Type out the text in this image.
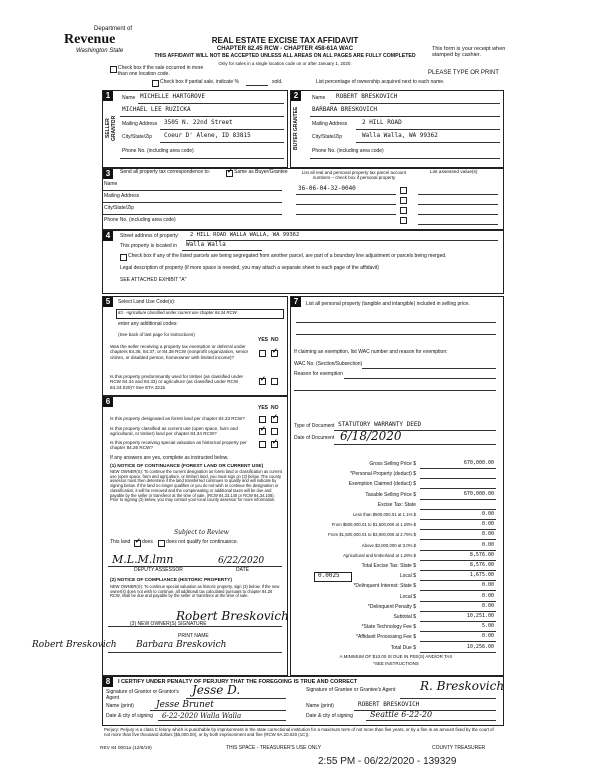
Department of
Revenue
Washington State
REAL ESTATE EXCISE TAX AFFIDAVIT
CHAPTER 82.45 RCW - CHAPTER 458-61A WAC
THIS AFFIDAVIT WILL NOT BE ACCEPTED UNLESS ALL AREAS ON ALL PAGES ARE FULLY COMPLETED
Only for sales in a single location code on or after January 1, 2020.
This form is your receipt when stamped by cashier.
PLEASE TYPE OR PRINT
Check box if the sale occurred in more than one location code.
Check box if partial sale, indicate %	sold.	List percentage of ownership acquired next to each name.
1
SELLER GRANTOR
Name MICHELLE HARTGROVE
MICHAEL LEE RUZICKA
Mailing Address 3505 N. 22nd Street
City/State/Zip Coeur D' Alene, ID 83815
Phone No. (including area code)
2
BUYER GRANTEE
Name ROBERT BRESKOVICH
BARBARA BRESKOVICH
Mailing Address 2 HILL ROAD
City/State/Zip	Walla Walla, WA 99362
Phone No. (including area code)
3	Send all property tax correspondence to: ✓	Same as Buyer/Grantee
Name
Mailing Address
City/State/Zip
Phone No. (including area code)
List all real and personal property tax parcel account numbers – check box if personal property
List assessed value(s)
36-06-04-32-0040
4	Street address of property: 2 HILL ROAD WALLA WALLA, WA 99362
This property is located in Walla Walla
Check box if any of the listed parcels are being segregated from another parcel, are part of a boundary line adjustment or parcels being merged.
Legal description of property (if more space is needed, you may attach a separate sheet to each page of the affidavit)
SEE ATTACHED EXHIBIT "A"
5	Select Land Use Code(s):
83 - Agriculture classified under current use chapter 84.34 RCW
enter any additional codes:
(See back of last page for instructions)
YES NO
Was the seller receiving a property tax exemption or deferral under chapters 84.36, 84.37, or 84.38 RCW (nonprofit organization, senior citizen, or disabled person, homeowner with limited income)?
✓
Is this property predominantly used for timber (as classified under RCW 84.34 and 84.33) or agriculture (as classified under RCW 84.34.020)? See ETA 3215
✓
6
YES NO
Is this property designated as forest land per chapter 84.33 RCW?
✓
Is this property classified as current use (open space, farm and agricultural, or timber) land per chapter 84.34 RCW?
✓
Is this property receiving special valuation as historical property per chapter 84.26 RCW?
✓
If any answers are yes, complete as instructed below.
(1) NOTICE OF CONTINUANCE (FOREST LAND OR CURRENT USE)
NEW OWNER(S): To continue the current designation as forest land or classification as current use (open space, farm and agriculture, or timber) land, you must sign on (3) below. The county assessor must then determine if the land transferred continues to qualify and will indicate by signing below. If the land no longer qualifies or you do not wish to continue the designation or classification, it will be removed and the compensating or additional taxes will be due and payable by the seller or transferor at the time of sale. (RCW 84.33.140 or RCW 84.34.108). Prior to signing (3) below, you may contact your local county assessor for more information.
This land ✓ does	does not qualify for continuance.
Subject to Review
M.L.M.lmn	6/22/2020
DEPUTY ASSESSOR	DATE
(2) NOTICE OF COMPLIANCE (HISTORIC PROPERTY)
NEW OWNER(S): To continue special valuation as historic property, sign (3) below. If the new owner(s) does not wish to continue, all additional tax calculated pursuant to chapter 84.26 RCW, shall be due and payable by the seller or transferor at the time of sale.
Robert Breskovich
(3) NEW OWNER(S) SIGNATURE
Robert Breskovich Barbara Breskovich
PRINT NAME
7	List all personal property (tangible and intangible) included in selling price.
If claiming an exemption, list WAC number and reason for exemption:
WAC No. (Section/Subsection)
Reason for exemption
Type of Document STATUTORY WARRANTY DEED
Date of Document 6/18/2020
Gross Selling Price $	670,000.00
*Personal Property (deduct) $
Exemption Claimed (deduct) $
Taxable Selling Price $	670,000.00
Excise Tax: State
Less than $500,000.01 at 1.1% $	0.00
From $500,000.01 to $1,500,000 at 1.28% $	0.00
From $1,500,000.01 to $3,000,000 at 2.75% $	0.00
Above $3,000,000 at 3.0% $	0.00
Agricultural and timberland at 1.28% $	8,576.00
Total Excise Tax: State $	8,576.00
Local $	1,675.00
*Delinquent Interest: State $	0.00
Local $	0.00
*Delinquent Penalty $	0.00
Subtotal $	10,251.00
*State Technology Fee $	5.00
*Affidavit Processing Fee $	0.00
Total Due $	10,256.00
0.0025
A MINIMUM OF $10.00 IS DUE IN FEE(S) AND/OR TAX
*SEE INSTRUCTIONS
8	I CERTIFY UNDER PENALTY OF PERJURY THAT THE FOREGOING IS TRUE AND CORRECT
Signature of Grantor or Grantor's Agent
Jesse D.
Name (print) Jesse Brunet
Date & city of signing 6-22-2020 Walla Walla
Signature of Grantee or Grantee's Agent R. Breskovich
Name (print)	ROBERT BRESKOVICH
Date & city of signing Seattle 6-22-20
Perjury: Perjury is a class C felony which is punishable by imprisonment in the state correctional institution for a maximum term of not more than five years, or by a fine in an amount fixed by the court of not more than five thousand dollars ($5,000.00), or by both imprisonment and fine (RCW 9A.20.020 (1C)).
REV 84 0001a (12/6/19)	THIS SPACE - TREASURER'S USE ONLY	COUNTY TREASURER
2:55 PM - 06/22/2020 - 139329
